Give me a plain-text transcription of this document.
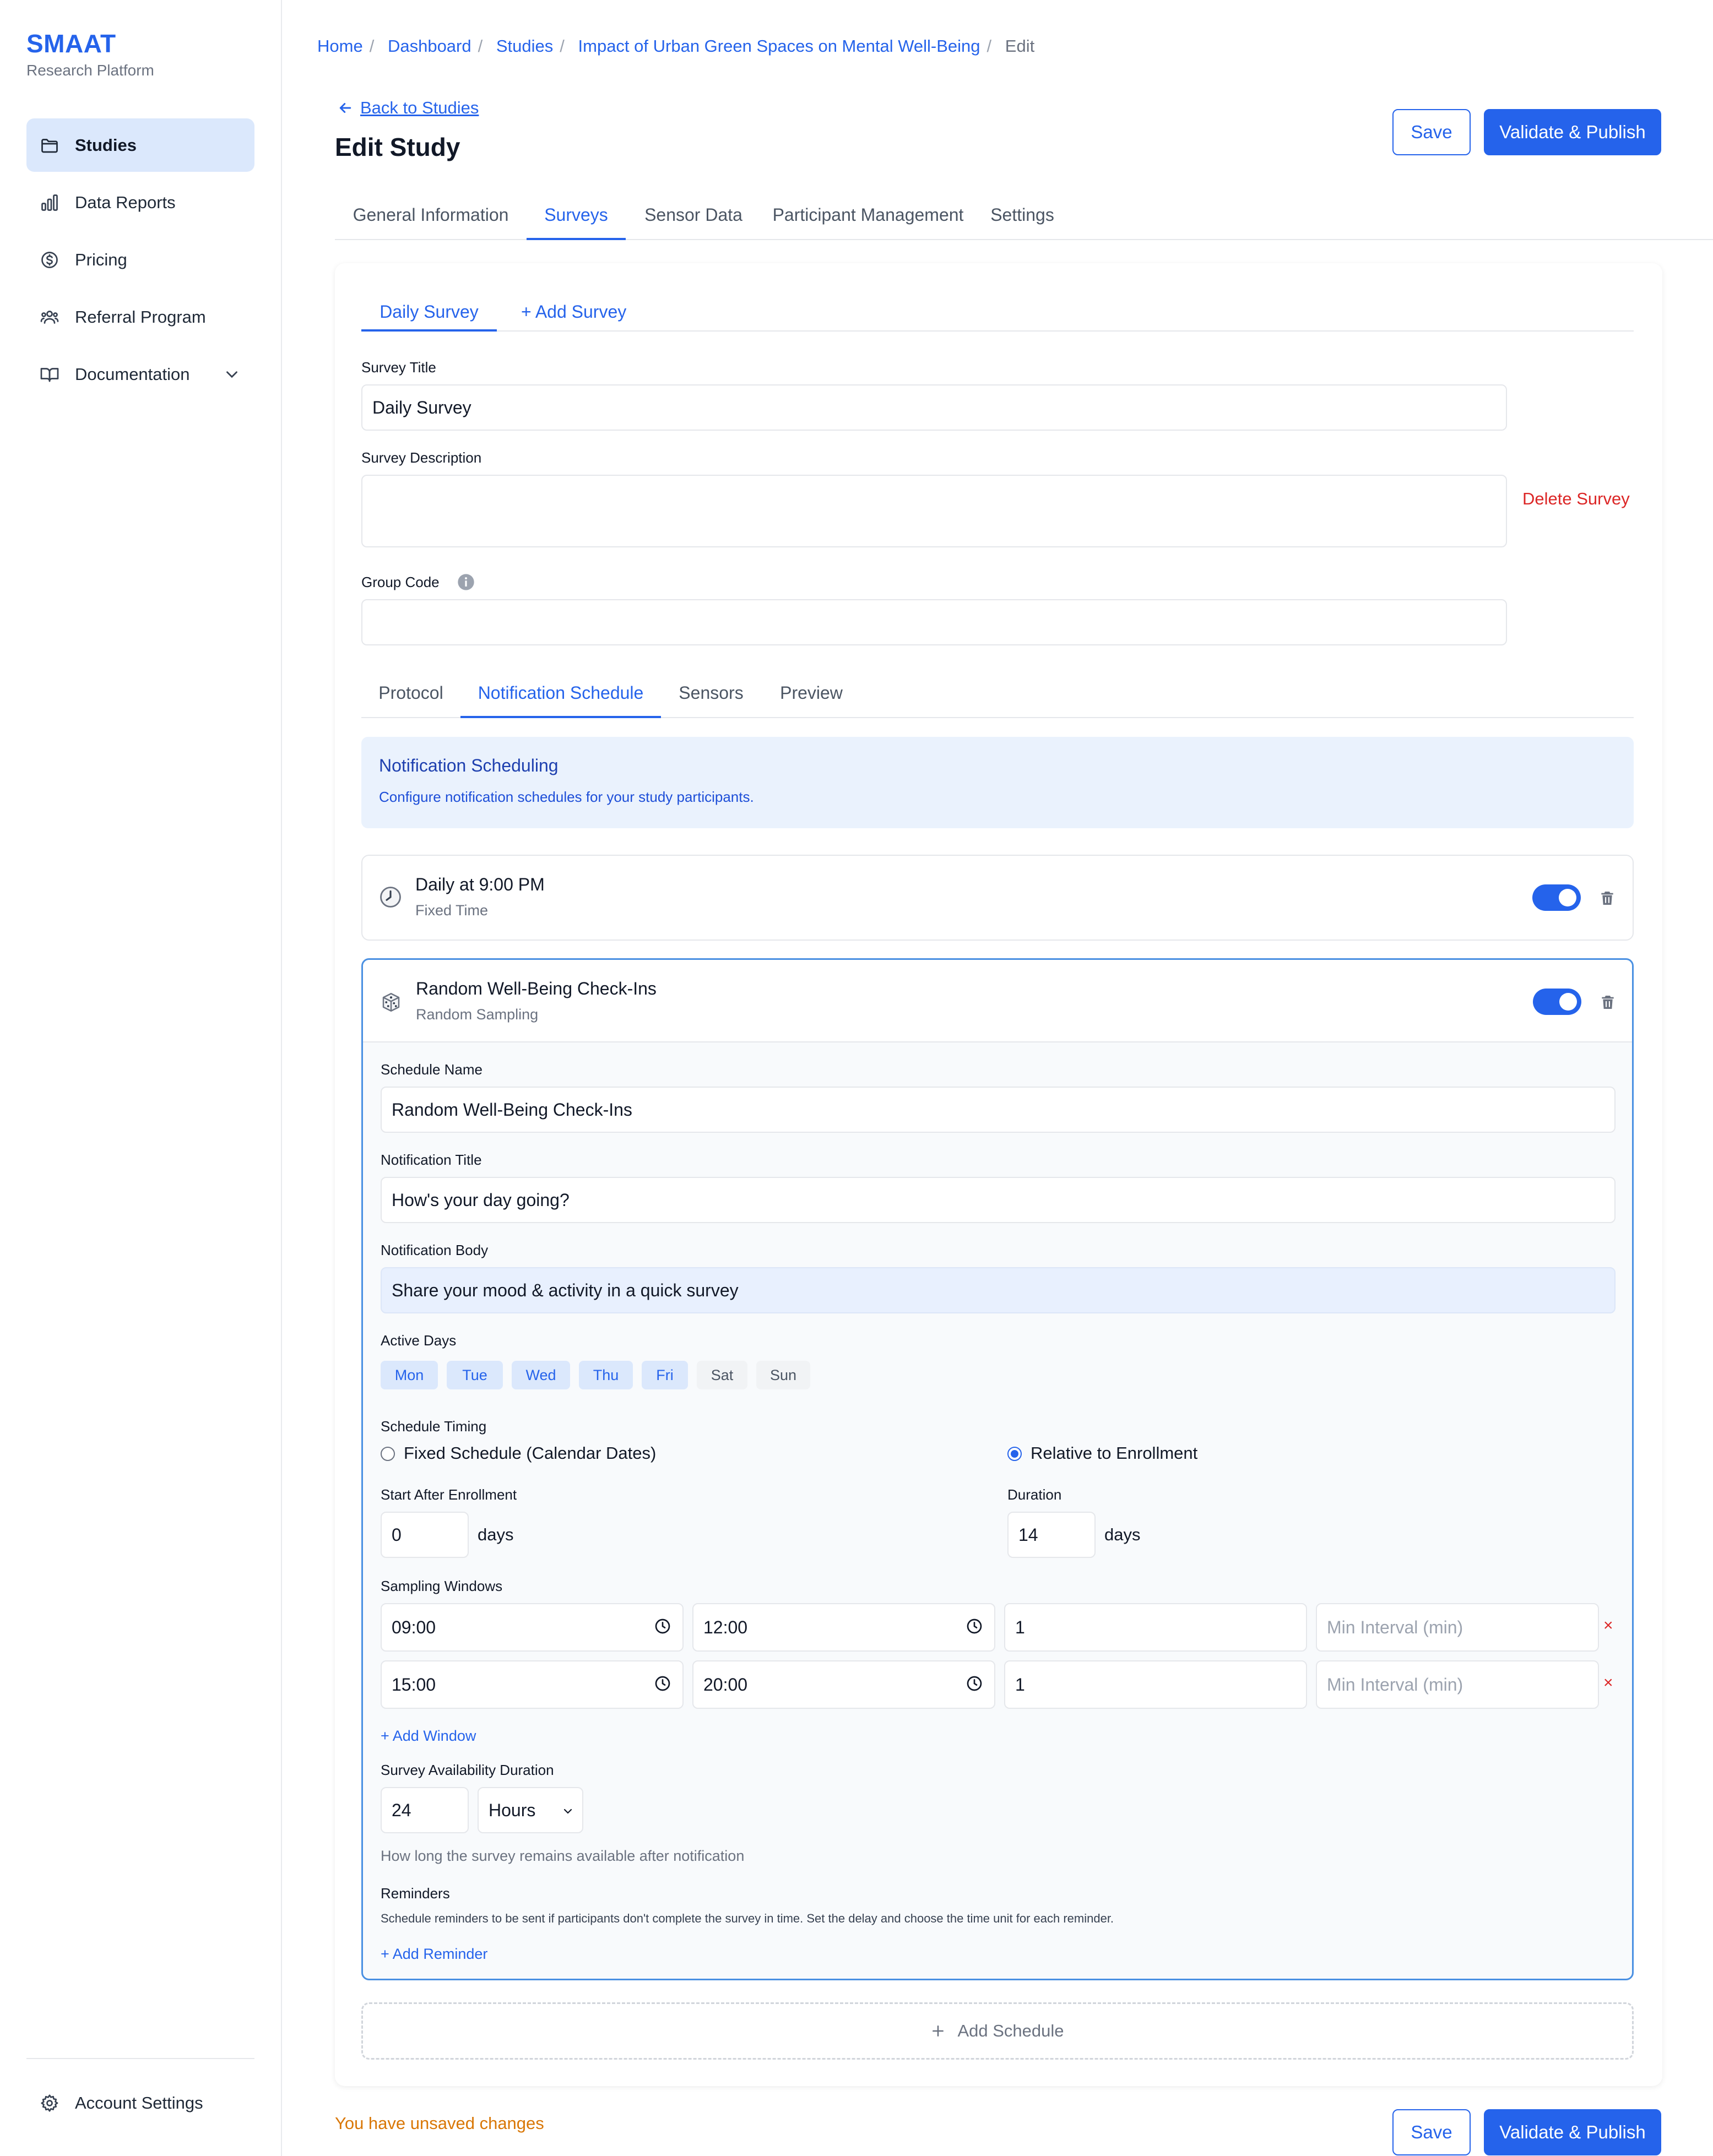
SMAAT
Research Platform
Studies
Data Reports
Pricing
Referral Program
Documentation
Account Settings
Home / Dashboard / Studies / Impact of Urban Green Spaces on Mental Well-Being / Edit
Back to Studies
Edit Study
Save	Validate & Publish
General Information	Surveys	Sensor Data	Participant Management	Settings
Daily Survey	+ Add Survey
Survey Title
Daily Survey
Survey Description
Delete Survey
Group Code
Protocol	Notification Schedule	Sensors	Preview
Notification Scheduling
Configure notification schedules for your study participants.
Daily at 9:00 PM
Fixed Time
Random Well-Being Check-Ins
Random Sampling
Schedule Name
Random Well-Being Check-Ins
Notification Title
How's your day going?
Notification Body
Share your mood & activity in a quick survey
Active Days
Mon	Tue	Wed	Thu	Fri	Sat	Sun
Schedule Timing
Fixed Schedule (Calendar Dates)	Relative to Enrollment
Start After Enrollment
0	days
Duration
14	days
Sampling Windows
09:00	12:00	1	Min Interval (min)	×
15:00	20:00	1	Min Interval (min)	×
+ Add Window
Survey Availability Duration
24	Hours
How long the survey remains available after notification
Reminders
Schedule reminders to be sent if participants don't complete the survey in time. Set the delay and choose the time unit for each reminder.
+ Add Reminder
Add Schedule
You have unsaved changes	Save	Validate & Publish
